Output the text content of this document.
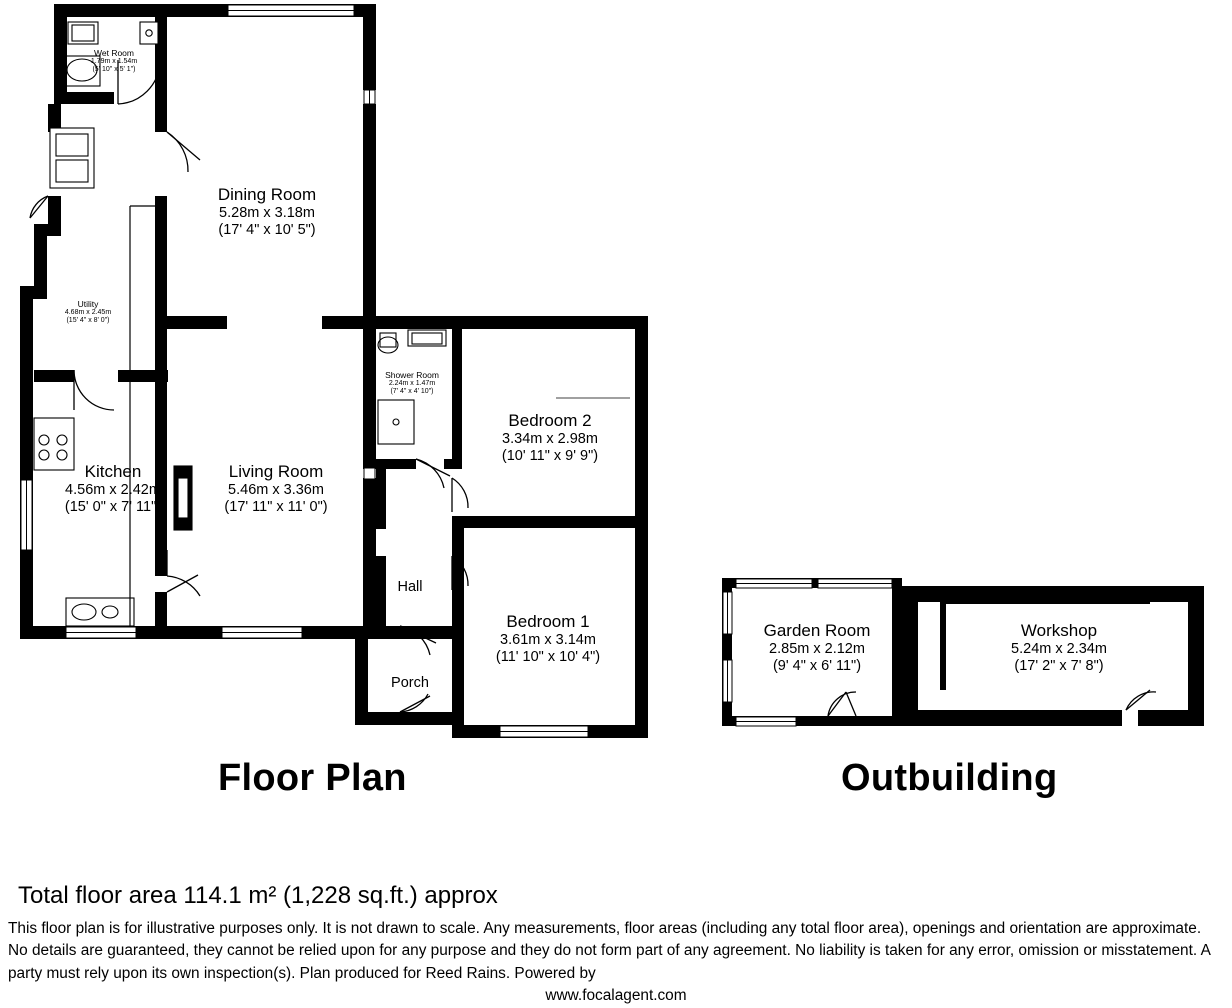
Wet Room
1.79m x 1.54m
(5' 10" x 5' 1")
Dining Room
5.28m x 3.18m
(17' 4" x 10' 5")
Utility
4.68m x 2.45m
(15' 4" x 8' 0")
Kitchen
4.56m x 2.42m
(15' 0" x 7' 11")
Living Room
5.46m x 3.36m
(17' 11" x 11' 0")
Shower Room
2.24m x 1.47m
(7' 4" x 4' 10")
Bedroom 2
3.34m x 2.98m
(10' 11" x 9' 9")
Bedroom 1
3.61m x 3.14m
(11' 10" x 10' 4")
Hall
Porch
Garden Room
2.85m x 2.12m
(9' 4" x 6' 11")
Workshop
5.24m x 2.34m
(17' 2" x 7' 8")
Floor Plan	Outbuilding
Total floor area 114.1 m² (1,228 sq.ft.) approx
This floor plan is for illustrative purposes only. It is not drawn to scale. Any measurements, floor areas (including any total floor area), openings and orientation are approximate. No details are guaranteed, they cannot be relied upon for any purpose and they do not form part of any agreement. No liability is taken for any error, omission or misstatement. A party must rely upon its own inspection(s). Plan produced for Reed Rains. Powered by
www.focalagent.com
